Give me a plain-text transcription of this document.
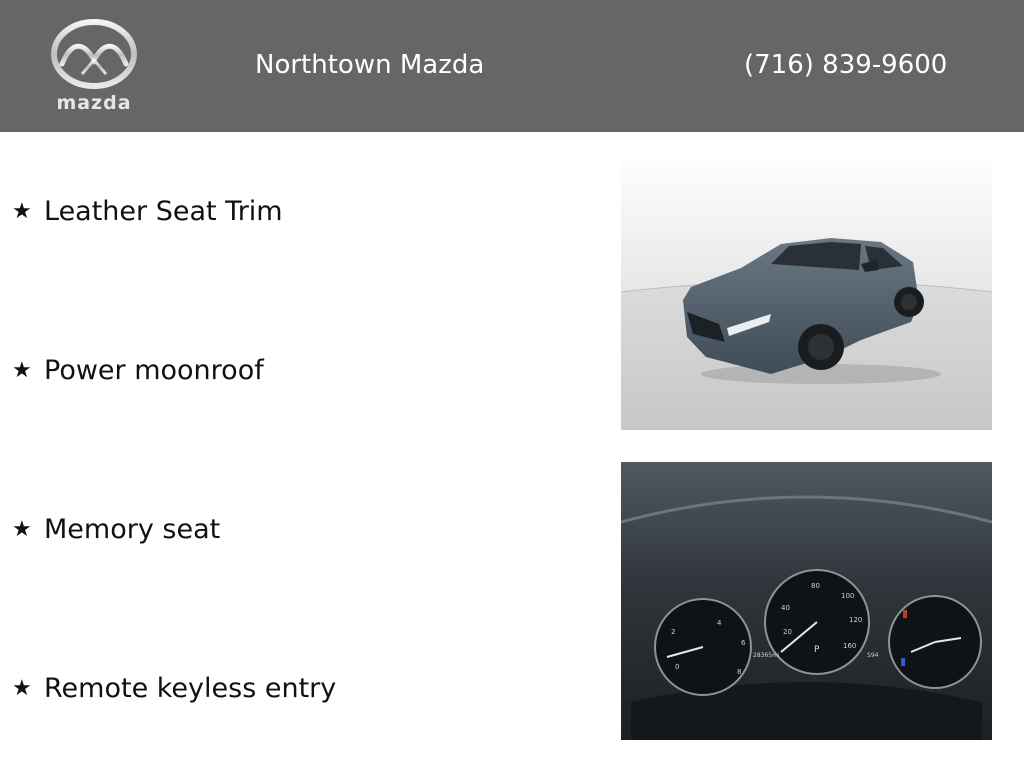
mazda
Northtown Mazda	(716) 839-9600
★ Leather Seat Trim
★ Power moonroof
★ Memory seat
★ Remote keyless entry
4
6
8
2
0
80
100
120
160
40
20
P
28365mi	594
